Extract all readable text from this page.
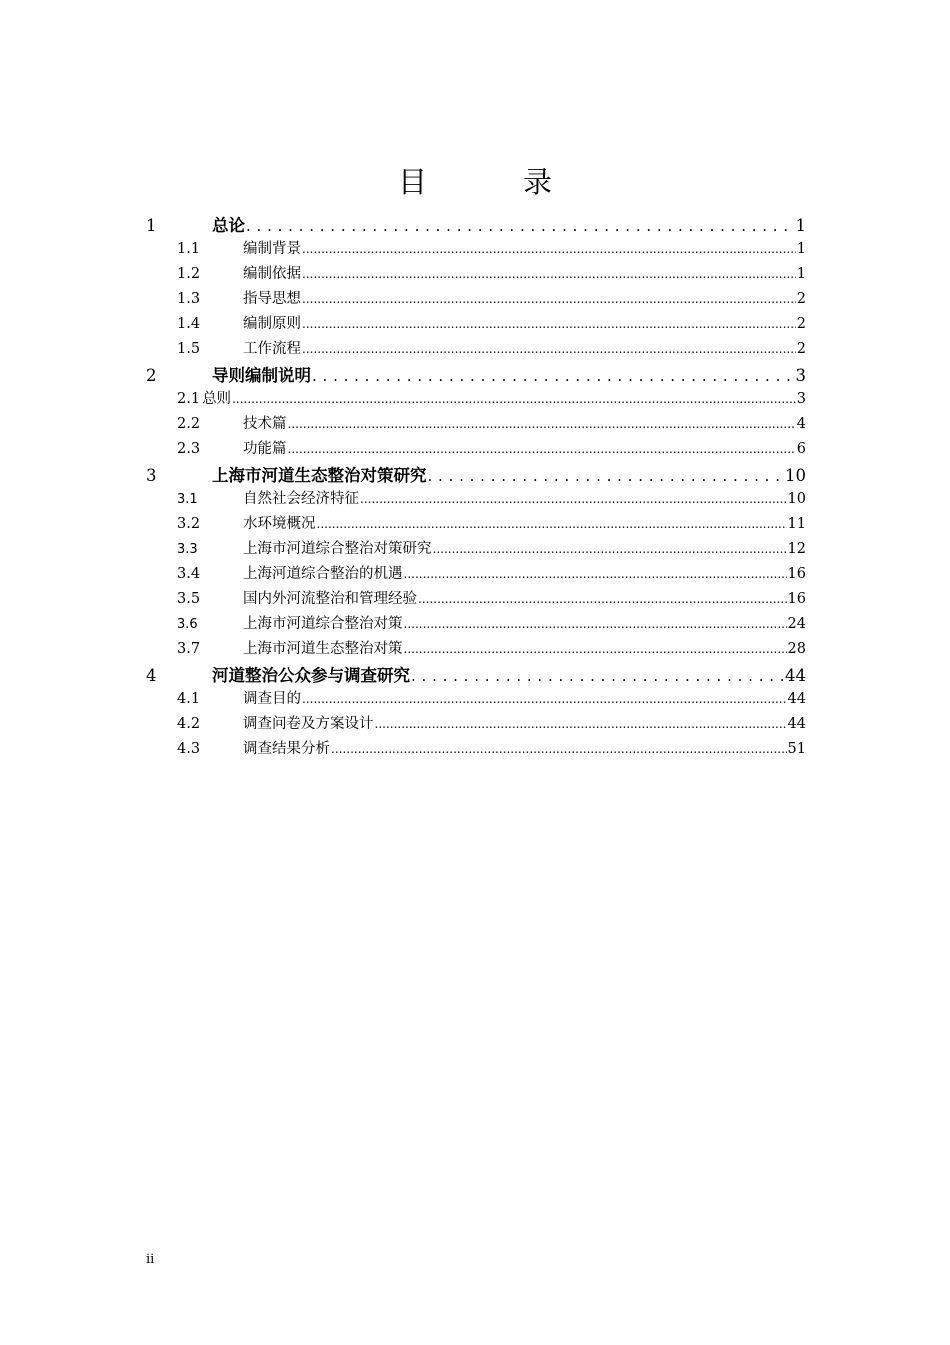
目	录
1	总论 . . .	1
1.1	编制背景 .....	1
1.2	编制依据 .....	1
1.3	指导思想 .....	2
1.4	编制原则 .....	2
1.5	工作流程 .....	2
2	导则编制说明 . . .	3
2.1 总则 .....	3
2.2	技术篇 .....	4
2.3	功能篇 .....	6
3	上海市河道生态整治对策研究 . . .	10
3.1	自然社会经济特征 .....	10
3.2	水环境概况 .....	11
3.3	上海市河道综合整治对策研究 .....	12
3.4	上海河道综合整治的机遇 .....	16
3.5	国内外河流整治和管理经验 .....	16
3.6	上海市河道综合整治对策 .....	24
3.7	上海市河道生态整治对策 .....	28
4	河道整治公众参与调查研究 . . .	44
4.1	调查目的 .....	44
4.2	调查问卷及方案设计 .....	44
4.3	调查结果分析 .....	51
ii
